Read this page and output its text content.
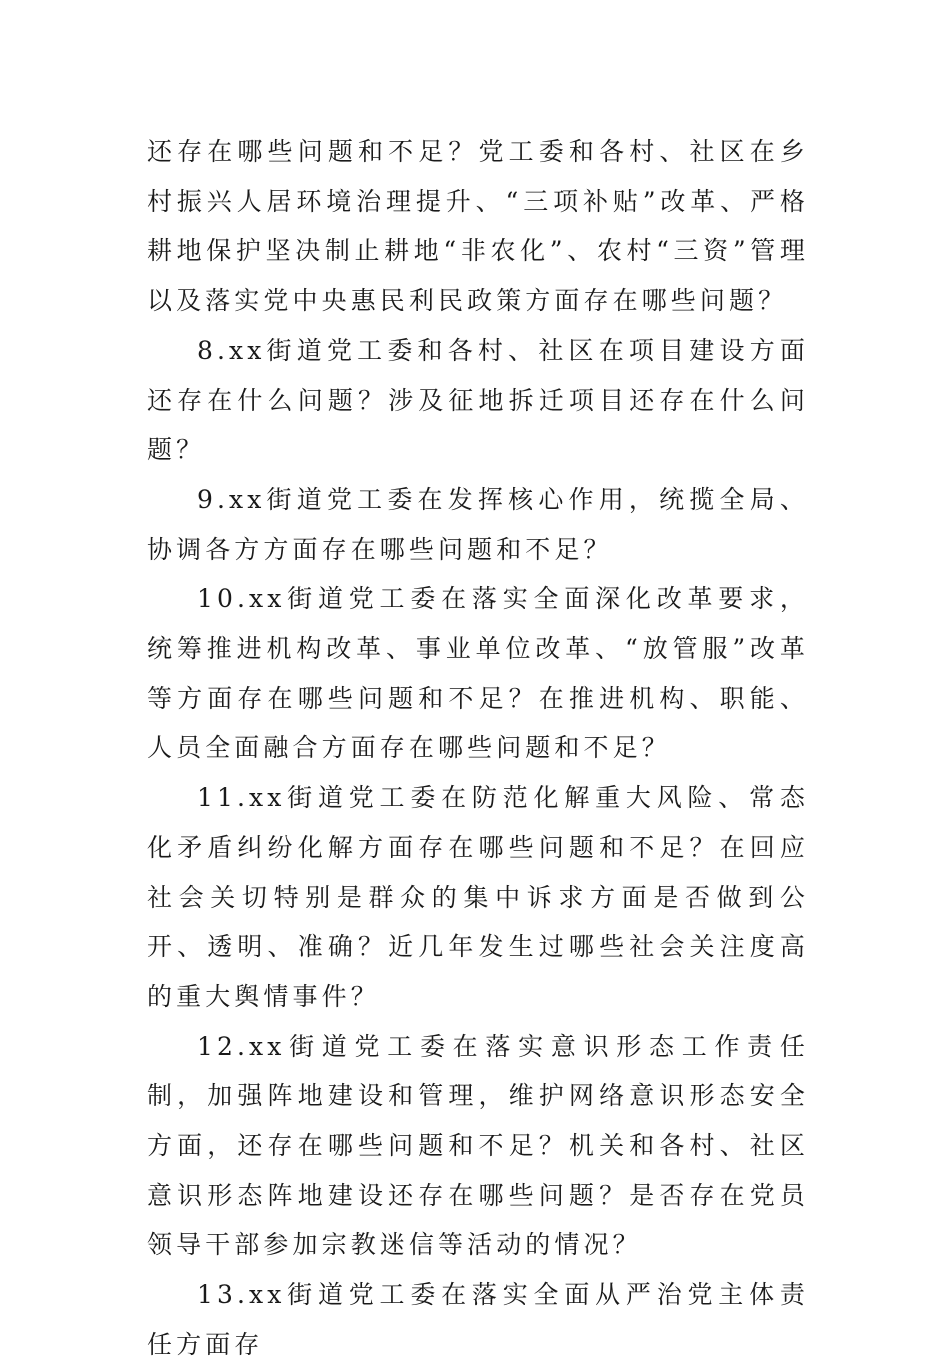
还存在哪些问题和不足？党工委和各村、社区在乡村振兴人居环境治理提升、“三项补贴”改革、严格耕地保护坚决制止耕地“非农化”、农村“三资”管理以及落实党中央惠民利民政策方面存在哪些问题？

8.xx街道党工委和各村、社区在项目建设方面还存在什么问题？涉及征地拆迁项目还存在什么问题？

9.xx街道党工委在发挥核心作用，统揽全局、协调各方方面存在哪些问题和不足？

10.xx街道党工委在落实全面深化改革要求，统筹推进机构改革、事业单位改革、“放管服”改革等方面存在哪些问题和不足？在推进机构、职能、人员全面融合方面存在哪些问题和不足？

11.xx街道党工委在防范化解重大风险、常态化矛盾纠纷化解方面存在哪些问题和不足？在回应社会关切特别是群众的集中诉求方面是否做到公开、透明、准确？近几年发生过哪些社会关注度高的重大舆情事件？

12.xx街道党工委在落实意识形态工作责任制，加强阵地建设和管理，维护网络意识形态安全方面，还存在哪些问题和不足？机关和各村、社区意识形态阵地建设还存在哪些问题？是否存在党员领导干部参加宗教迷信等活动的情况？

13.xx街道党工委在落实全面从严治党主体责任方面存
